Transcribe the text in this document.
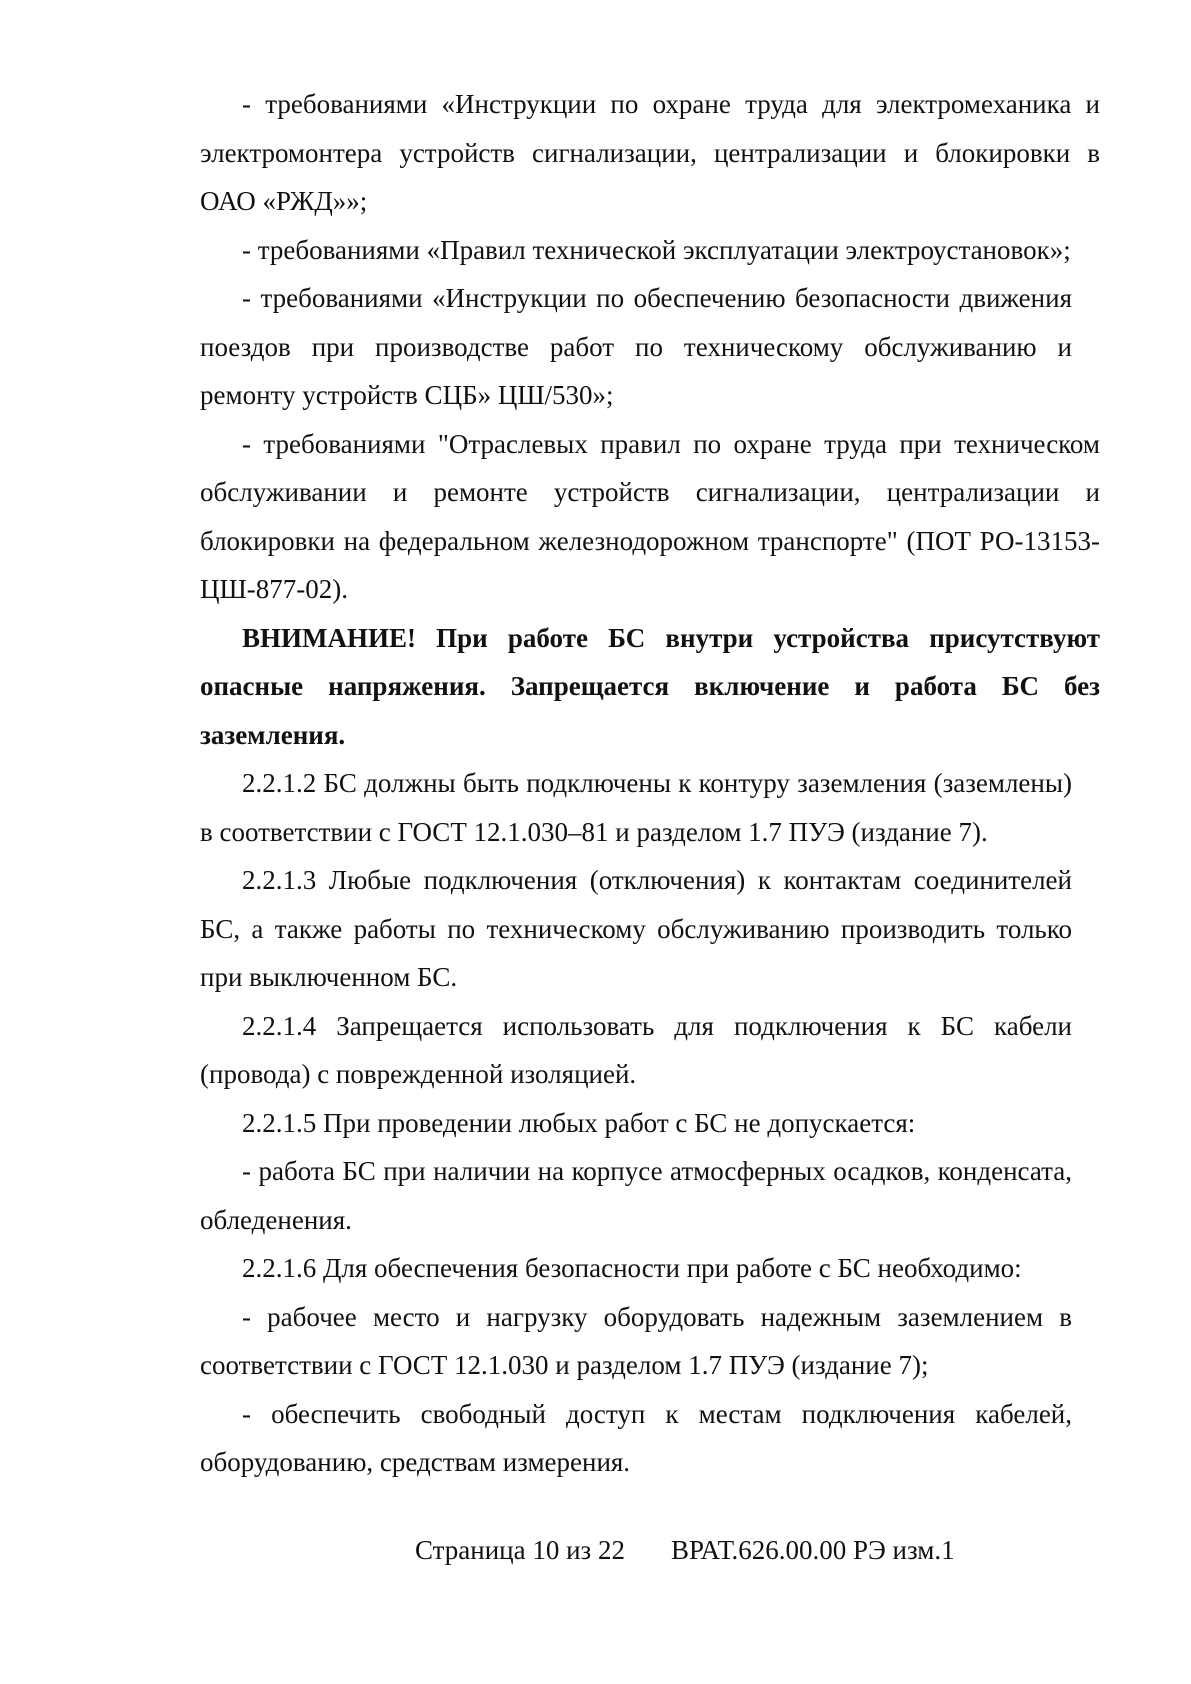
- требованиями «Инструкции по охране труда для электромеханика и электромонтера устройств сигнализации, централизации и блокировки в ОАО «РЖД»»;

- требованиями «Правил технической эксплуатации электроустановок»;

- требованиями «Инструкции по обеспечению безопасности движения поездов при производстве работ по техническому обслуживанию и ремонту устройств СЦБ» ЦШ/530»;

- требованиями "Отраслевых правил по охране труда при техническом обслуживании и ремонте устройств сигнализации, централизации и блокировки на федеральном железнодорожном транспорте" (ПОТ РО-13153-ЦШ-877-02).

ВНИМАНИЕ! При работе БС внутри устройства присутствуют опасные напряжения. Запрещается включение и работа БС без заземления.

2.2.1.2 БС должны быть подключены к контуру заземления (заземлены) в соответствии с ГОСТ 12.1.030–81 и разделом 1.7 ПУЭ (издание 7).

2.2.1.3 Любые подключения (отключения) к контактам соединителей БС, а также работы по техническому обслуживанию производить только при выключенном БС.

2.2.1.4 Запрещается использовать для подключения к БС кабели (провода) с поврежденной изоляцией.

2.2.1.5 При проведении любых работ с БС не допускается:

- работа БС при наличии на корпусе атмосферных осадков, конденсата, обледенения.

2.2.1.6 Для обеспечения безопасности при работе с БС необходимо:

- рабочее место и нагрузку оборудовать надежным заземлением в соответствии с ГОСТ 12.1.030 и разделом 1.7 ПУЭ (издание 7);

- обеспечить свободный доступ к местам подключения кабелей, оборудованию, средствам измерения.

Страница 10 из 22 ВРАТ.626.00.00 РЭ изм.1
